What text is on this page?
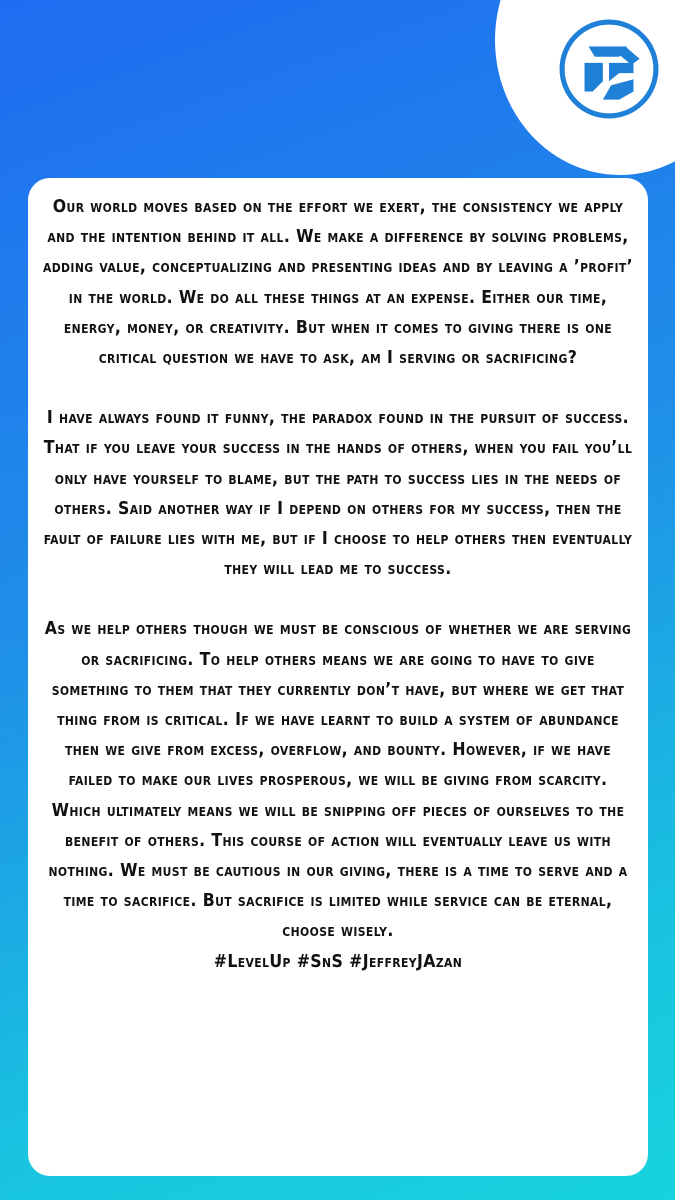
Our world moves based on the effort we exert, the consistency we apply and the intention behind it all. We make a difference by solving problems, adding value, conceptualizing and presenting ideas and by leaving a ’profit’ in the world. We do all these things at an expense. Either our time, energy, money, or creativity. But when it comes to giving there is one critical question we have to ask, am I serving or sacrificing?

I have always found it funny, the paradox found in the pursuit of success. That if you leave your success in the hands of others, when you fail you’ll only have yourself to blame, but the path to success lies in the needs of others. Said another way if I depend on others for my success, then the fault of failure lies with me, but if I choose to help others then eventually they will lead me to success.

As we help others though we must be conscious of whether we are serving or sacrificing. To help others means we are going to have to give something to them that they currently don’t have, but where we get that thing from is critical. If we have learnt to build a system of abundance then we give from excess, overflow, and bounty. However, if we have failed to make our lives prosperous, we will be giving from scarcity. Which ultimately means we will be snipping off pieces of ourselves to the benefit of others. This course of action will eventually leave us with nothing. We must be cautious in our giving, there is a time to serve and a time to sacrifice. But sacrifice is limited while service can be eternal, choose wisely.

#LevelUp #SnS #JeffreyJAzan
